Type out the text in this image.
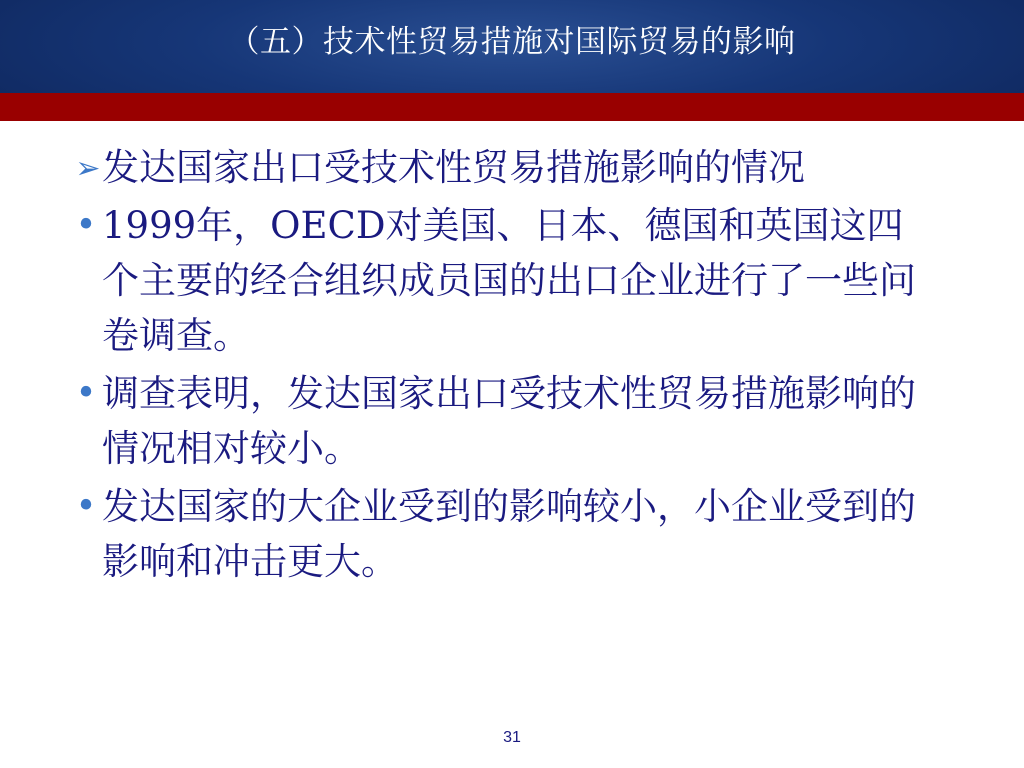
（五）技术性贸易措施对国际贸易的影响
➢ 发达国家出口受技术性贸易措施影响的情况
• 1999年，OECD对美国、日本、德国和英国这四个主要的经合组织成员国的出口企业进行了一些问卷调查。
• 调查表明，发达国家出口受技术性贸易措施影响的情况相对较小。
• 发达国家的大企业受到的影响较小，小企业受到的影响和冲击更大。
31
